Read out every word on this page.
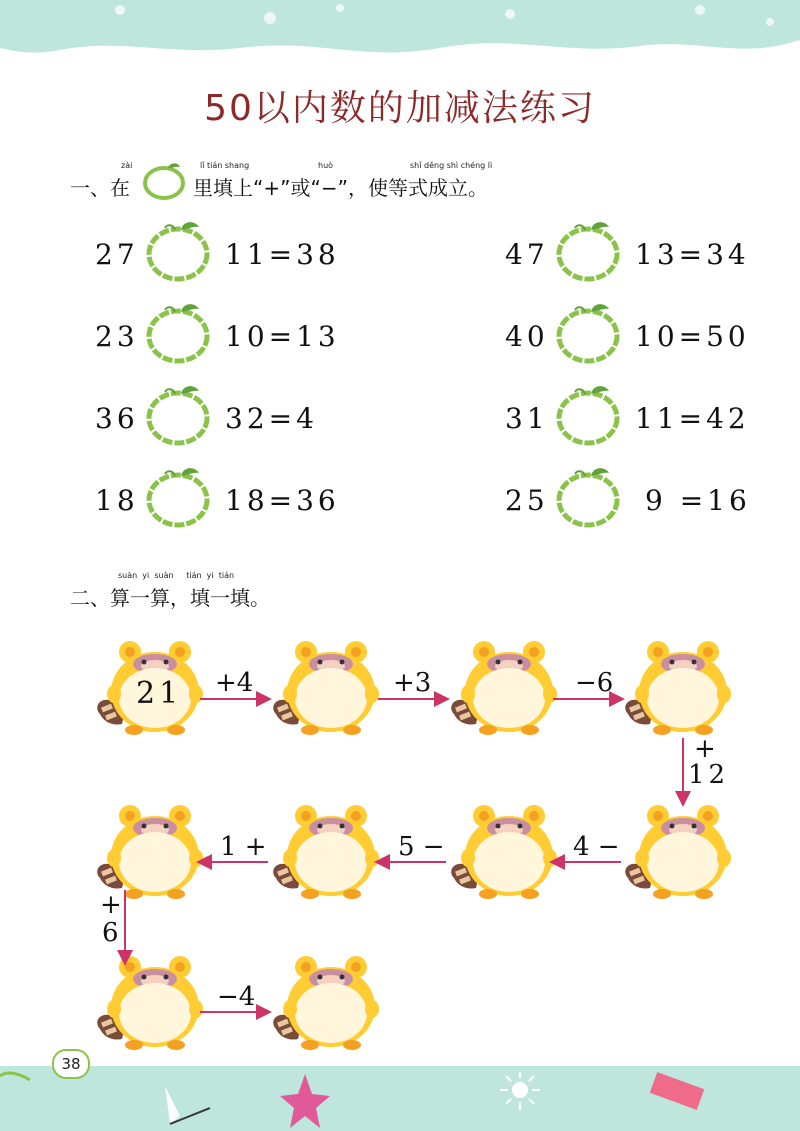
50以内数的加减法练习
一、在
zài
里填上“+”或“−”，使等式成立。
lǐ tián shang	huò	shǐ děng shì chéng lì
27	11=38
23	10=13
36	32=4
18	18=36
47	13=34
40	10=50
31	11=42
25	9 =16
suàn  yi  suàn     tián  yi  tián
二、算一算，填一填。
21 +4	+3	−6
+
12
4 −
5 −
1 +
+
6
−4
38
